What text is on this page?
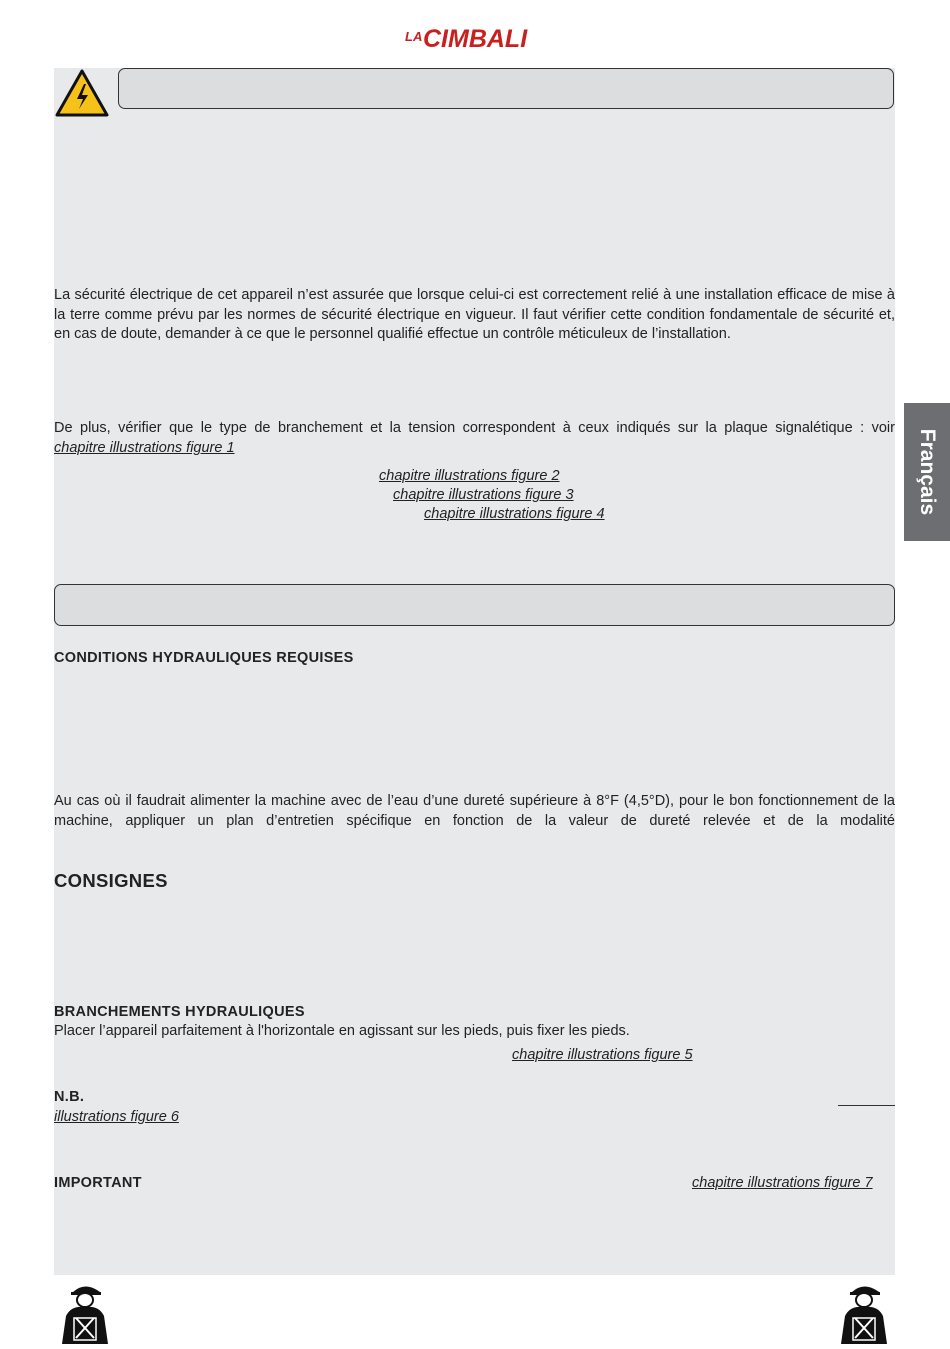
LA CIMBALI
La sécurité électrique de cet appareil n’est assurée que lorsque celui-ci est correctement relié à une installation efficace de mise à la terre comme prévu par les normes de sécurité électrique en vigueur. Il faut vérifier cette condition fondamentale de sécurité et, en cas de doute, demander à ce que le personnel qualifié effectue un contrôle méticuleux de l’installation.
De plus, vérifier que le type de branchement et la tension correspondent à ceux indiqués sur la plaque signalétique : voir
chapitre illustrations figure 1
chapitre illustrations figure 2
chapitre illustrations figure 3
chapitre illustrations figure 4
CONDITIONS HYDRAULIQUES REQUISES
Au cas où il faudrait alimenter la machine avec de l’eau d’une dureté supérieure à 8°F (4,5°D), pour le bon fonctionnement de la machine, appliquer un plan d’entretien spécifique en fonction de la valeur de dureté relevée et de la modalité
CONSIGNES
BRANCHEMENTS HYDRAULIQUES
Placer l’appareil parfaitement à l'horizontale en agissant sur les pieds, puis fixer les pieds.
chapitre illustrations figure 5
N.B.
illustrations figure 6
IMPORTANT	chapitre illustrations figure 7
Français
